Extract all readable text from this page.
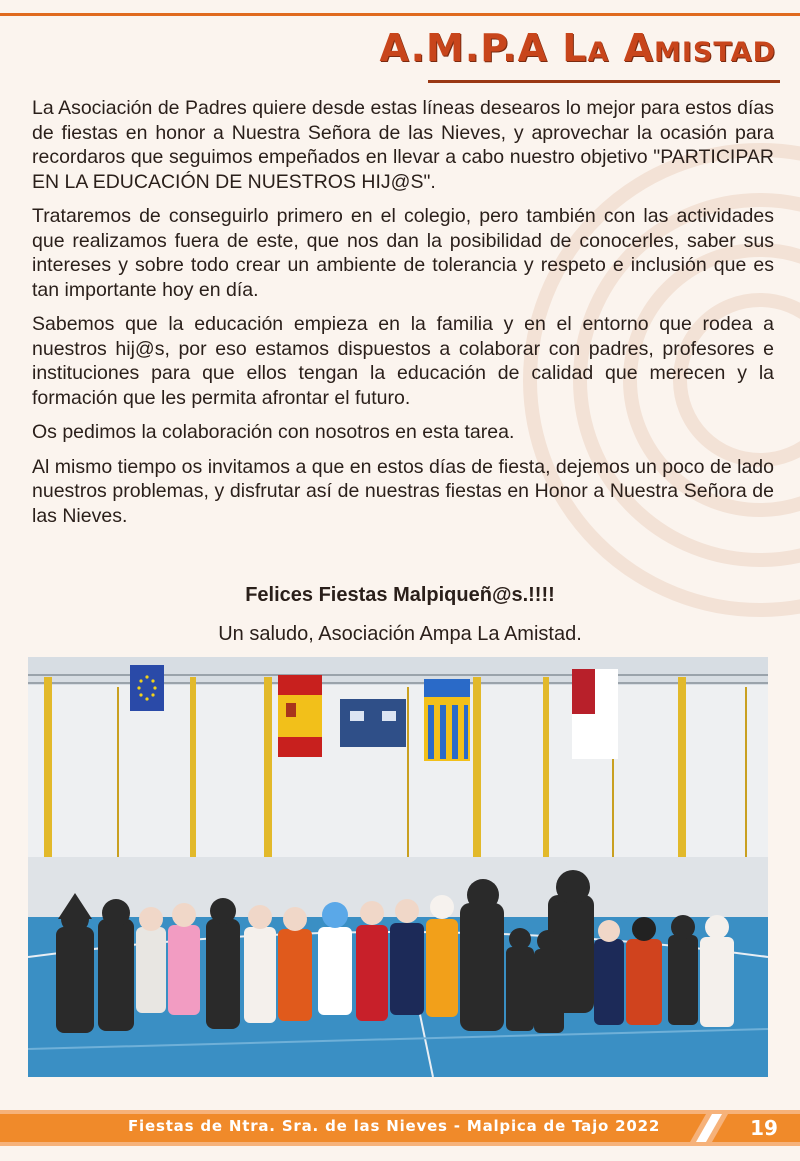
A.M.P.A La Amistad

La Asociación de Padres quiere desde estas líneas desearos lo mejor para estos días de fiestas en honor a Nuestra Señora de las Nieves, y aprovechar la ocasión para recordaros que seguimos empeñados en llevar a cabo nuestro objetivo "PARTICIPAR EN LA EDUCACIÓN DE NUESTROS HIJ@S".

Trataremos de conseguirlo primero en el colegio, pero también con las actividades que realizamos fuera de este, que nos dan la posibilidad de conocerles, saber sus intereses y sobre todo crear un ambiente de tolerancia y respeto e inclusión que es tan importante hoy en día.

Sabemos que la educación empieza en la familia y en el entorno que rodea a nuestros hij@s, por eso estamos dispuestos a colaborar con padres, profesores e instituciones para que ellos tengan la educación de calidad que merecen y la formación que les permita afrontar el futuro.

Os pedimos la colaboración con nosotros en esta tarea.

Al mismo tiempo os invitamos a que en estos días de fiesta, dejemos un poco de lado nuestros problemas, y disfrutar así de nuestras fiestas en Honor a Nuestra Señora de las Nieves.

Felices Fiestas Malpiqueñ@s.!!!!
Un saludo, Asociación Ampa La Amistad.
Fiestas de Ntra. Sra. de las Nieves - Malpica de Tajo 2022	19
